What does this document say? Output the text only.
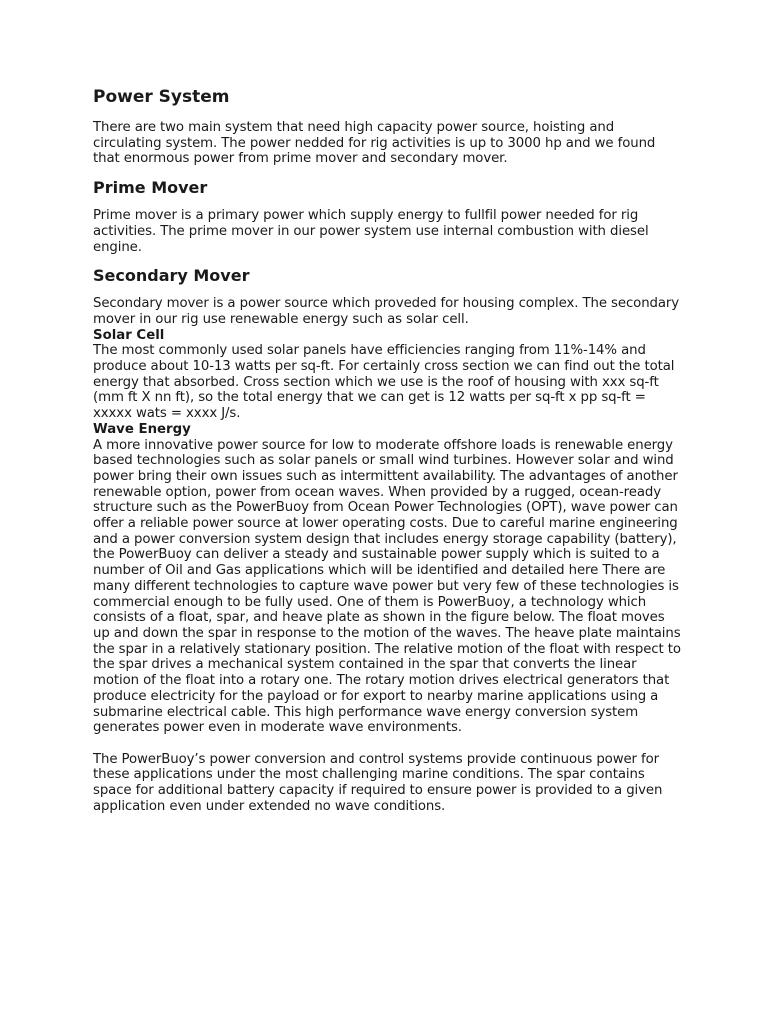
Power System

There are two main system that need high capacity power source, hoisting and circulating system. The power nedded for rig activities is up to 3000 hp and we found that enormous power from prime mover and secondary mover.

Prime Mover

Prime mover is a primary power which supply energy to fullfil power needed for rig activities. The prime mover in our power system use internal combustion with diesel engine.

Secondary Mover

Secondary mover is a power source which proveded for housing complex. The secondary mover in our rig use renewable energy such as solar cell.

Solar Cell

The most commonly used solar panels have efficiencies ranging from 11%-14% and produce about 10-13 watts per sq-ft. For certainly cross section we can find out the total energy that absorbed. Cross section which we use is the roof of housing with xxx sq-ft (mm ft X nn ft), so the total energy that we can get is 12 watts per sq-ft x pp sq-ft = xxxxx wats = xxxx J/s.

Wave Energy

A more innovative power source for low to moderate offshore loads is renewable energy based technologies such as solar panels or small wind turbines. However solar and wind power bring their own issues such as intermittent availability. The advantages of another renewable option, power from ocean waves. When provided by a rugged, ocean-ready structure such as the PowerBuoy from Ocean Power Technologies (OPT), wave power can offer a reliable power source at lower operating costs. Due to careful marine engineering and a power conversion system design that includes energy storage capability (battery), the PowerBuoy can deliver a steady and sustainable power supply which is suited to a number of Oil and Gas applications which will be identified and detailed here There are many different technologies to capture wave power but very few of these technologies is commercial enough to be fully used. One of them is PowerBuoy, a technology which consists of a float, spar, and heave plate as shown in the figure below. The float moves up and down the spar in response to the motion of the waves. The heave plate maintains the spar in a relatively stationary position. The relative motion of the float with respect to the spar drives a mechanical system contained in the spar that converts the linear motion of the float into a rotary one. The rotary motion drives electrical generators that produce electricity for the payload or for export to nearby marine applications using a submarine electrical cable. This high performance wave energy conversion system generates power even in moderate wave environments.

The PowerBuoy’s power conversion and control systems provide continuous power for these applications under the most challenging marine conditions. The spar contains space for additional battery capacity if required to ensure power is provided to a given application even under extended no wave conditions.
